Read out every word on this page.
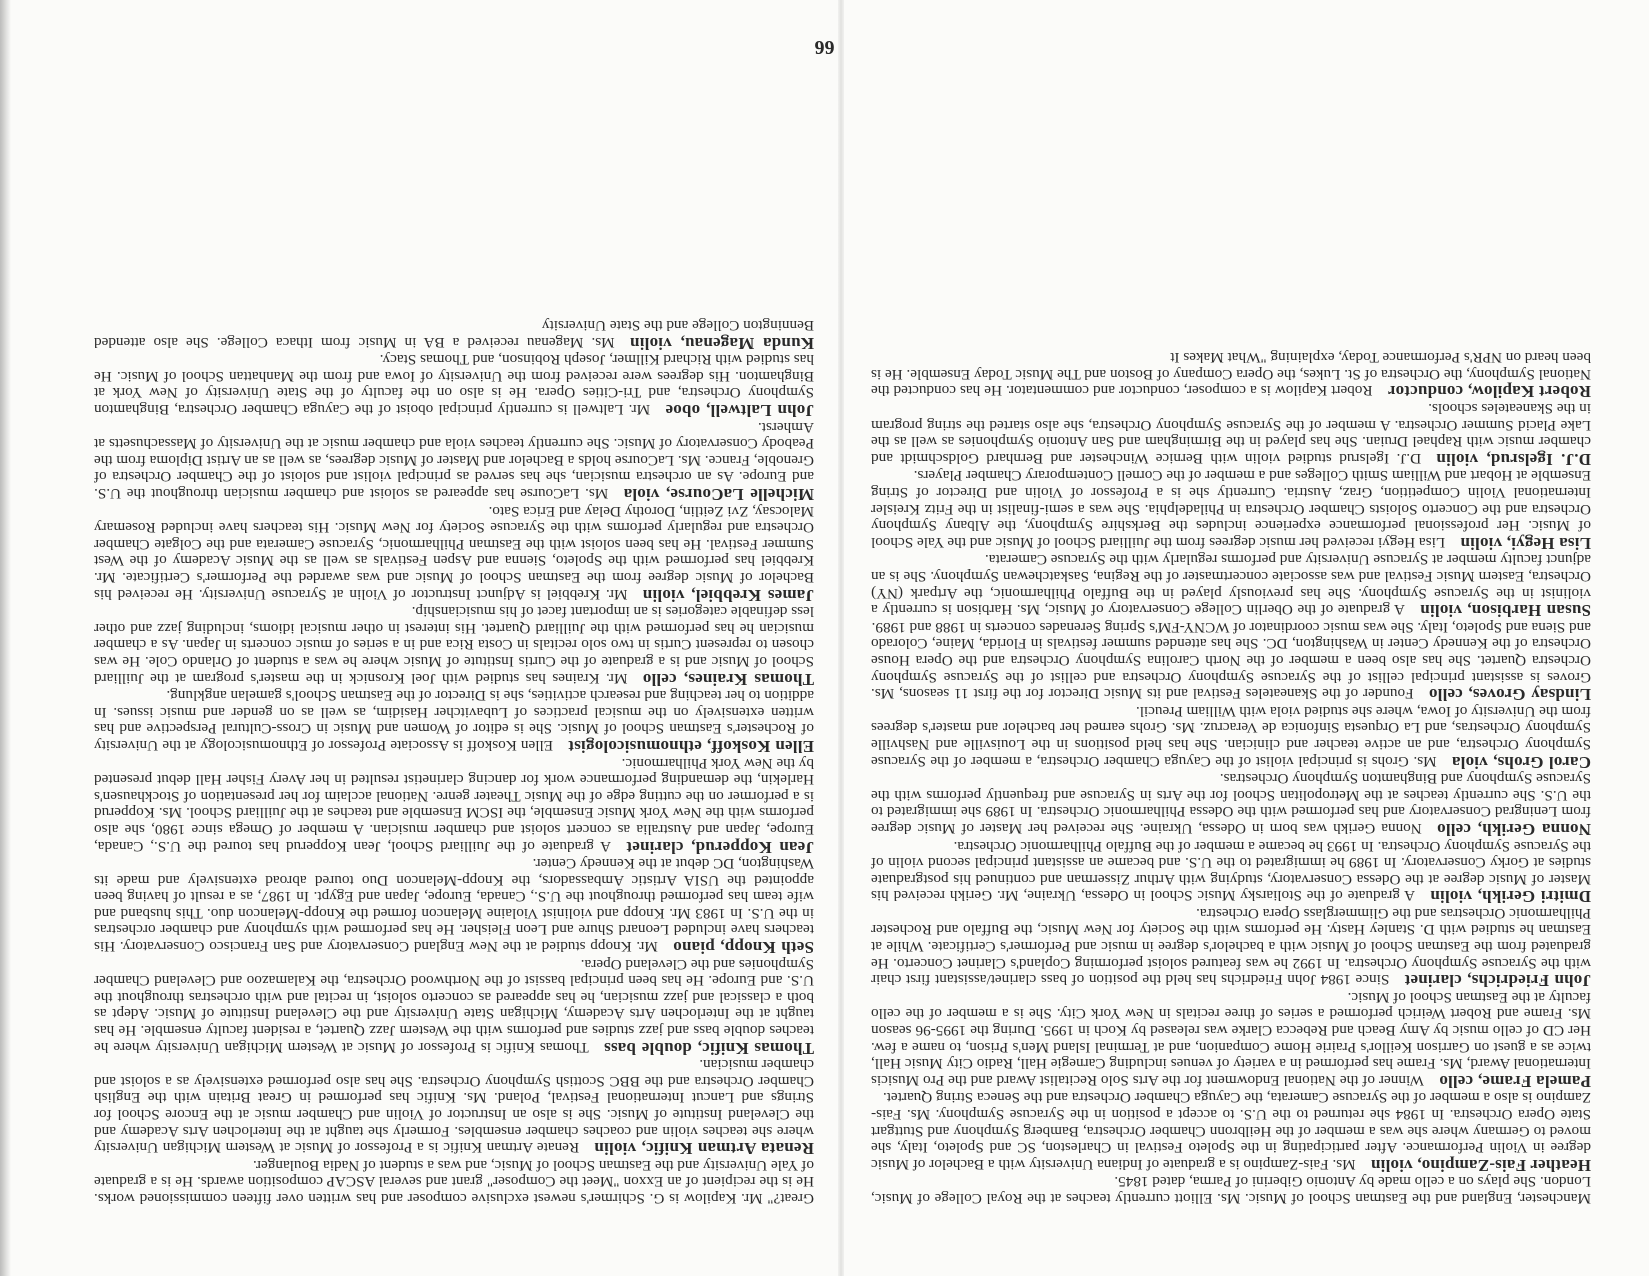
Manchester, England and the Eastman School of Music. Ms. Elliott currently teaches at the Royal College of Music, London. She plays on a cello made by Antonio Giberini of Parma, dated 1845.

Heather Fais-Zampino, violin Ms. Fais-Zampino is a graduate of Indiana University with a Bachelor of Music degree in Violin Performance. After participating in the Spoleto Festival in Charleston, SC and Spoleto, Italy, she moved to Germany where she was a member of the Heilbronn Chamber Orchestra, Bamberg Symphony and Stuttgart State Opera Orchestra. In 1984 she returned to the U.S. to accept a position in the Syracuse Symphony. Ms. Fais-Zampino is also a member of the Syracuse Camerata, the Cayuga Chamber Orchestra and the Seneca String Quartet.

Pamela Frame, cello Winner of the National Endowment for the Arts Solo Recitalist Award and the Pro Musicis International Award, Ms. Frame has performed in a variety of venues including Carnegie Hall, Radio City Music Hall, twice as a guest on Garrison Keillor's Prairie Home Companion, and at Terminal Island Men's Prison, to name a few. Her CD of cello music by Amy Beach and Rebecca Clarke was released by Koch in 1995. During the 1995-96 season Ms. Frame and Robert Weirich performed a series of three recitals in New York City. She is a member of the cello faculty at the Eastman School of Music.

John Friedrichs, clarinet Since 1984 John Friedrichs has held the position of bass clarinet/assistant first chair with the Syracuse Symphony Orchestra. In 1992 he was featured soloist performing Copland's Clarinet Concerto. He graduated from the Eastman School of Music with a bachelor's degree in music and Performer's Certificate. While at Eastman he studied with D. Stanley Hasty. He performs with the Society for New Music, the Buffalo and Rochester Philharmonic Orchestras and the Glimmerglass Opera Orchestra.

Dmitri Gerikh, violin A graduate of the Stoliarsky Music School in Odessa, Ukraine, Mr. Gerikh received his Master of Music degree at the Odessa Conservatory, studying with Arthur Zisserman and continued his postgraduate studies at Gorky Conservatory. In 1989 he immigrated to the U.S. and became an assistant principal second violin of the Syracuse Symphony Orchestra. In 1993 he became a member of the Buffalo Philharmonic Orchestra.

Nonna Gerikh, cello Nonna Gerikh was born in Odessa, Ukraine. She received her Master of Music degree from Leningrad Conservatory and has performed with the Odessa Philharmonic Orchestra. In 1989 she immigrated to the U.S. She currently teaches at the Metropolitan School for the Arts in Syracuse and frequently performs with the Syracuse Symphony and Binghamton Symphony Orchestras.

Carol Grohs, viola Ms. Grohs is principal violist of the Cayuga Chamber Orchestra, a member of the Syracuse Symphony Orchestra, and an active teacher and clinician. She has held positions in the Louisville and Nashville Symphony Orchestras, and La Orquesta Sinfonica de Veracruz. Ms. Grohs earned her bachelor and master's degrees from the University of Iowa, where she studied viola with William Preucil.

Lindsay Groves, cello Founder of the Skaneateles Festival and its Music Director for the first 11 seasons, Ms. Groves is assistant principal cellist of the Syracuse Symphony Orchestra and cellist of the Syracuse Symphony Orchestra Quartet. She has also been a member of the North Carolina Symphony Orchestra and the Opera House Orchestra of the Kennedy Center in Washington, DC. She has attended summer festivals in Florida, Maine, Colorado and Siena and Spoleto, Italy. She was music coordinator of WCNY-FM's Spring Serenades concerts in 1988 and 1989.

Susan Harbison, violin A graduate of the Oberlin College Conservatory of Music, Ms. Harbison is currently a violinist in the Syracuse Symphony. She has previously played in the Buffalo Philharmonic, the Artpark (NY) Orchestra, Eastern Music Festival and was associate concertmaster of the Regina, Saskatchewan Symphony. She is an adjunct faculty member at Syracuse University and performs regularly with the Syracuse Camerata.

Lisa Hegyi, violin Lisa Hegyi received her music degrees from the Juilliard School of Music and the Yale School of Music. Her professional performance experience includes the Berkshire Symphony, the Albany Symphony Orchestra and the Concerto Soloists Chamber Orchestra in Philadelphia. She was a semi-finalist in the Fritz Kreisler International Violin Competition, Graz, Austria. Currently she is a Professor of Violin and Director of String Ensemble at Hobart and William Smith Colleges and a member of the Cornell Contemporary Chamber Players.

D.J. Igelsrud, violin D.J. Igelsrud studied violin with Bernice Winchester and Bernhard Goldschmidt and chamber music with Raphael Druian. She has played in the Birmingham and San Antonio Symphonies as well as the Lake Placid Summer Orchestra. A member of the Syracuse Symphony Orchestra, she also started the string program in the Skaneateles schools.

Robert Kapilow, conductor Robert Kapilow is a composer, conductor and commentator. He has conducted the National Symphony, the Orchestra of St. Lukes, the Opera Company of Boston and The Music Today Ensemble. He is been heard on NPR's Performance Today, explaining "What Makes It

Great?" Mr. Kapilow is G. Schirmer's newest exclusive composer and has written over fifteen commissioned works. He is the recipient of an Exxon "Meet the Composer" grant and several ASCAP composition awards. He is a graduate of Yale University and the Eastman School of Music, and was a student of Nadia Boulanger.

Renata Artman Knific, violin Renate Artman Knific is a Professor of Music at Western Michigan University where she teaches violin and coaches chamber ensembles. Formerly she taught at the Interlochen Arts Academy and the Cleveland Institute of Music. She is also an Instructor of Violin and Chamber music at the Encore School for Strings and Lancut International Festival, Poland. Ms. Knific has performed in Great Britain with the English Chamber Orchestra and the BBC Scottish Symphony Orchestra. She has also performed extensively as a soloist and chamber musician.

Thomas Knific, double bass Thomas Knific is Professor of Music at Western Michigan University where he teaches double bass and jazz studies and performs with the Western Jazz Quartet, a resident faculty ensemble. He has taught at the Interlochen Arts Academy, Michigan State University and the Cleveland Institute of Music. Adept as both a classical and jazz musician, he has appeared as concerto soloist, in recital and with orchestras throughout the U.S. and Europe. He has been principal bassist of the Northwood Orchestra, the Kalamazoo and Cleveland Chamber Symphonies and the Cleveland Opera.

Seth Knopp, piano Mr. Knopp studied at the New England Conservatory and San Francisco Conservatory. His teachers have included Leonard Shure and Leon Fleisher. He has performed with symphony and chamber orchestras in the U.S. In 1983 Mr. Knopp and violinist Violaine Melancon formed the Knopp-Melancon duo. This husband and wife team has performed throughout the U.S., Canada, Europe, Japan and Egypt. In 1987, as a result of having been appointed the USIA Artistic Ambassadors, the Knopp-Melancon Duo toured abroad extensively and made its Washington, DC debut at the Kennedy Center.

Jean Kopperud, clarinet A graduate of the Juilliard School, Jean Kopperud has toured the U.S., Canada, Europe, Japan and Australia as concert soloist and chamber musician. A member of Omega since 1980, she also performs with the New York Music Ensemble, the ISCM Ensemble and teaches at the Juilliard School. Ms. Kopperud is a performer on the cutting edge of the Music Theater genre. National acclaim for her presentation of Stockhausen's Harlekin, the demanding performance work for dancing clarinetist resulted in her Avery Fisher Hall debut presented by the New York Philharmonic.

Ellen Koskoff, ethnomusicologist Ellen Koskoff is Associate Professor of Ethnomusicology at the University of Rochester's Eastman School of Music. She is editor of Women and Music in Cross-Cultural Perspective and has written extensively on the musical practices of Lubavitcher Hasidim, as well as on gender and music issues. In addition to her teaching and research activities, she is Director of the Eastman School's gamelan angklung.

Thomas Kraines, cello Mr. Kraines has studied with Joel Krosnick in the master's program at the Juilliard School of Music and is a graduate of the Curtis Institute of Music where he was a student of Orlando Cole. He was chosen to represent Curtis in two solo recitals in Costa Rica and in a series of music concerts in Japan. As a chamber musician he has performed with the Juilliard Quartet. His interest in other musical idioms, including jazz and other less definable categories is an important facet of his musicianship.

James Krebbiel, violin Mr. Krebbiel is Adjunct Instructor of Violin at Syracuse University. He received his Bachelor of Music degree from the Eastman School of Music and was awarded the Performer's Certificate. Mr. Krebbiel has performed with the Spoleto, Sienna and Aspen Festivals as well as the Music Academy of the West Summer Festival. He has been soloist with the Eastman Philharmonic, Syracuse Camerata and the Colgate Chamber Orchestra and regularly performs with the Syracuse Society for New Music. His teachers have included Rosemary Malocsay, Zvi Zeitlin, Dorothy Delay and Erica Sato.

Michelle LaCourse, viola Ms. LaCourse has appeared as soloist and chamber musician throughout the U.S. and Europe. As an orchestra musician, she has served as principal violist and soloist of the Chamber Orchestra of Grenoble, France. Ms. LaCourse holds a Bachelor and Master of Music degrees, as well as an Artist Diploma from the Peabody Conservatory of Music. She currently teaches viola and chamber music at the University of Massachusetts at Amherst.

John Laltwell, oboe Mr. Laltwell is currently principal oboist of the Cayuga Chamber Orchestra, Binghamton Symphony Orchestra, and Tri-Cities Opera. He is also on the faculty of the State University of New York at Binghamton. His degrees were received from the University of Iowa and from the Manhattan School of Music. He has studied with Richard Killmer, Joseph Robinson, and Thomas Stacy.

Kunda Magenau, violin Ms. Magenau received a BA in Music from Ithaca College. She also attended Bennington College and the State University

66
